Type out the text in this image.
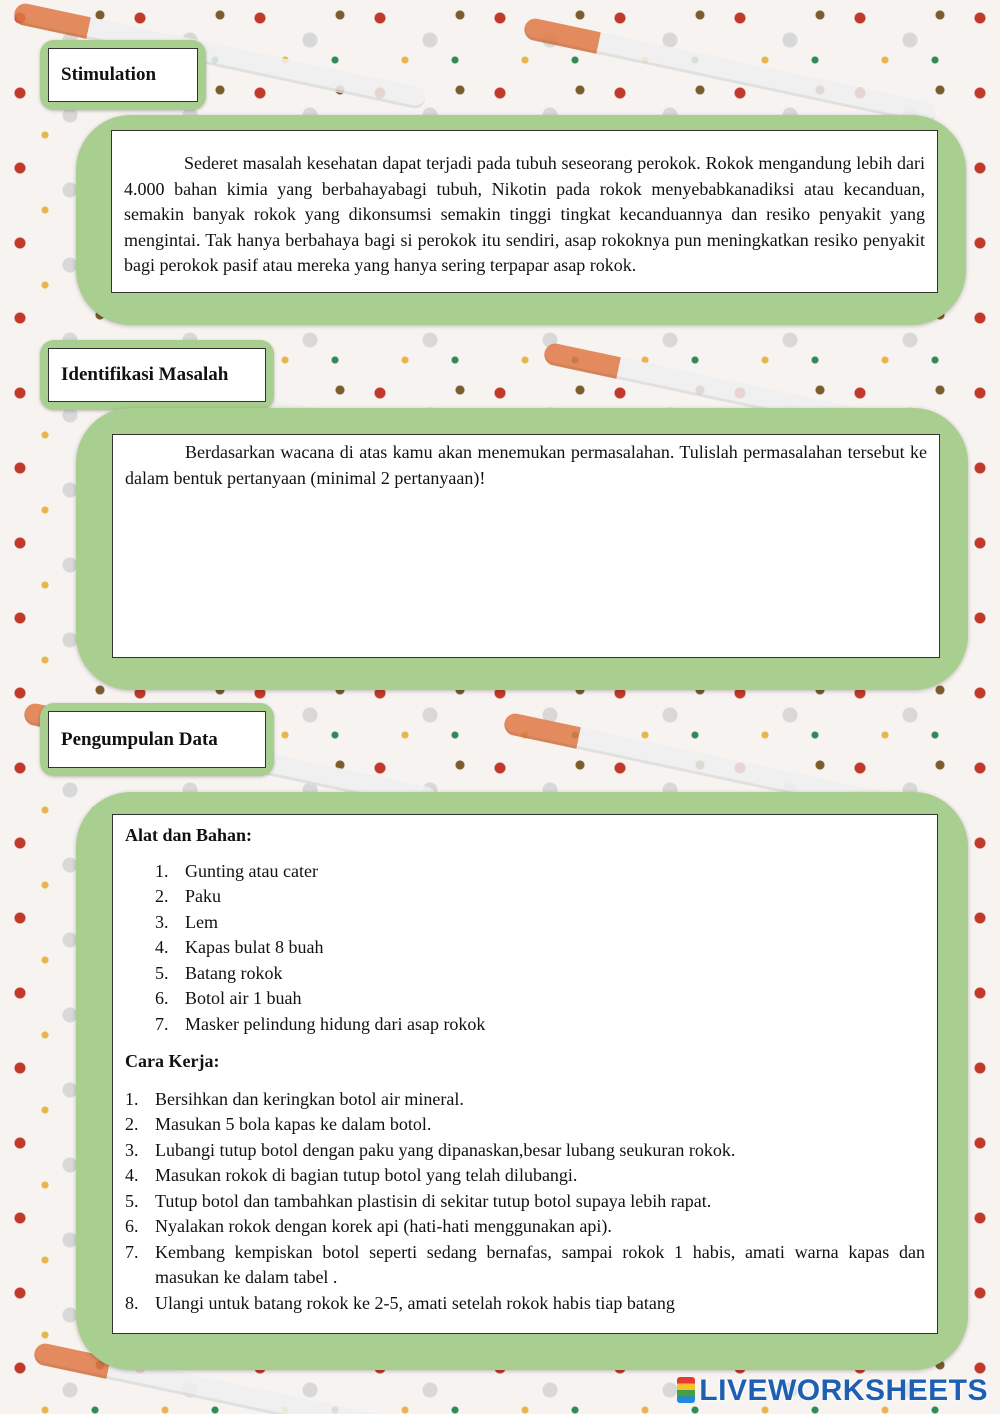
Stimulation

Sederet masalah kesehatan dapat terjadi pada tubuh seseorang perokok. Rokok mengandung lebih dari 4.000 bahan kimia yang berbahayabagi tubuh, Nikotin pada rokok menyebabkanadiksi atau kecanduan, semakin banyak rokok yang dikonsumsi semakin tinggi tingkat kecanduannya dan resiko penyakit yang mengintai. Tak hanya berbahaya bagi si perokok itu sendiri, asap rokoknya pun meningkatkan resiko penyakit bagi perokok pasif atau mereka yang hanya sering terpapar asap rokok.

Identifikasi Masalah

Berdasarkan wacana di atas kamu akan menemukan permasalahan. Tulislah permasalahan tersebut ke dalam bentuk pertanyaan (minimal 2 pertanyaan)!

Pengumpulan Data

Alat dan Bahan:

1. Gunting atau cater
2. Paku
3. Lem
4. Kapas bulat 8 buah
5. Batang rokok
6. Botol air 1 buah
7. Masker pelindung hidung dari asap rokok

Cara Kerja:

1. Bersihkan dan keringkan botol air mineral.
2. Masukan 5 bola kapas ke dalam botol.
3. Lubangi tutup botol dengan paku yang dipanaskan,besar lubang seukuran rokok.
4. Masukan rokok di bagian tutup botol yang telah dilubangi.
5. Tutup botol dan tambahkan plastisin di sekitar tutup botol supaya lebih rapat.
6. Nyalakan rokok dengan korek api (hati-hati menggunakan api).
7. Kembang kempiskan botol seperti sedang bernafas, sampai rokok 1 habis, amati warna kapas dan masukan ke dalam tabel .
8. Ulangi untuk batang rokok ke 2-5, amati setelah rokok habis tiap batang
LIVEWORKSHEETS
